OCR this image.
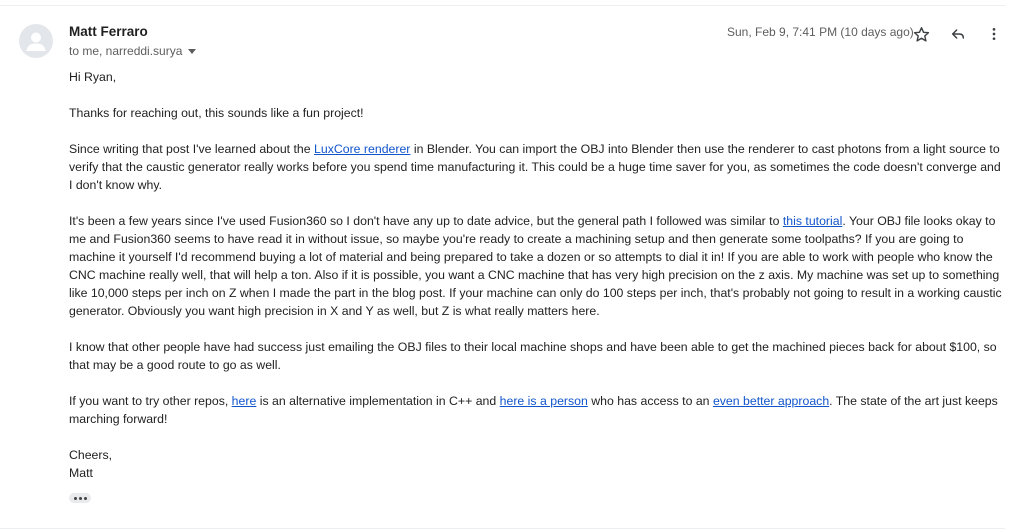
Matt Ferraro
to me, narreddi.surya
Sun, Feb 9, 7:41 PM (10 days ago)

Hi Ryan,

Thanks for reaching out, this sounds like a fun project!

Since writing that post I've learned about the LuxCore renderer in Blender. You can import the OBJ into Blender then use the renderer to cast photons from a light source to verify that the caustic generator really works before you spend time manufacturing it. This could be a huge time saver for you, as sometimes the code doesn't converge and I don't know why.

It's been a few years since I've used Fusion360 so I don't have any up to date advice, but the general path I followed was similar to this tutorial. Your OBJ file looks okay to me and Fusion360 seems to have read it in without issue, so maybe you're ready to create a machining setup and then generate some toolpaths? If you are going to machine it yourself I'd recommend buying a lot of material and being prepared to take a dozen or so attempts to dial it in! If you are able to work with people who know the CNC machine really well, that will help a ton. Also if it is possible, you want a CNC machine that has very high precision on the z axis. My machine was set up to something like 10,000 steps per inch on Z when I made the part in the blog post. If your machine can only do 100 steps per inch, that's probably not going to result in a working caustic generator. Obviously you want high precision in X and Y as well, but Z is what really matters here.

I know that other people have had success just emailing the OBJ files to their local machine shops and have been able to get the machined pieces back for about $100, so that may be a good route to go as well.

If you want to try other repos, here is an alternative implementation in C++ and here is a person who has access to an even better approach. The state of the art just keeps marching forward!

Cheers,

Matt
